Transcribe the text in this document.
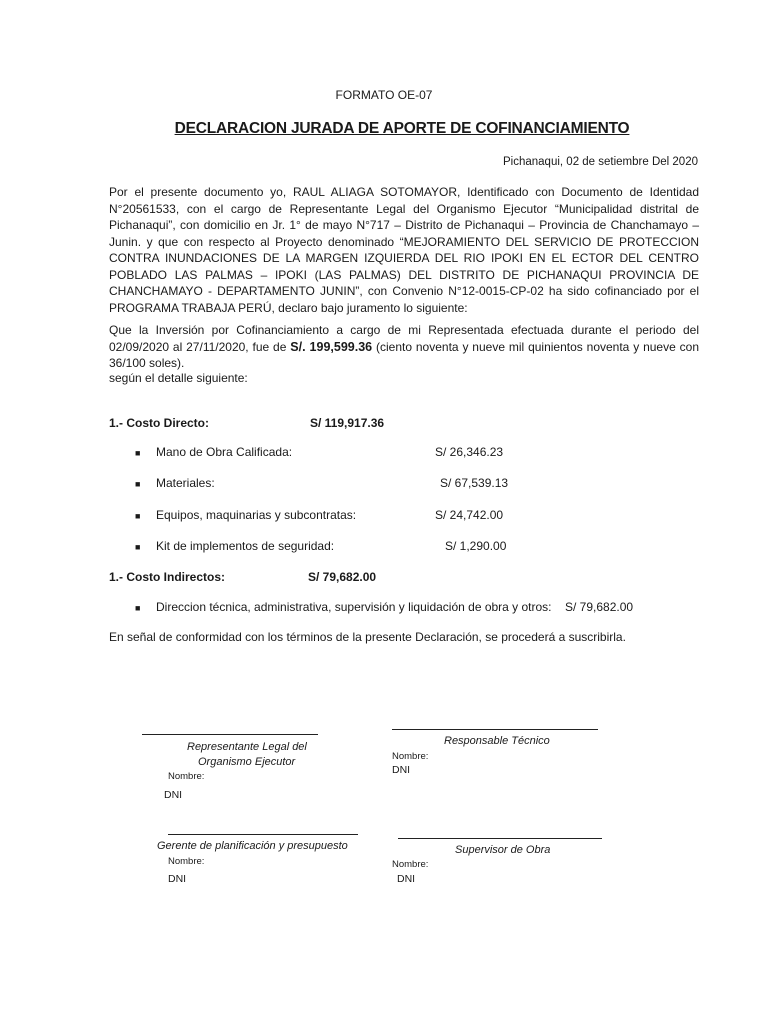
FORMATO OE-07
DECLARACION JURADA DE APORTE DE COFINANCIAMIENTO
Pichanaqui, 02 de setiembre Del 2020

Por el presente documento yo, RAUL ALIAGA SOTOMAYOR, Identificado con Documento de Identidad N°20561533, con el cargo de Representante Legal del Organismo Ejecutor “Municipalidad distrital de Pichanaqui”, con domicilio en Jr. 1° de mayo N°717 – Distrito de Pichanaqui – Provincia de Chanchamayo – Junin. y que con respecto al Proyecto denominado “MEJORAMIENTO DEL SERVICIO DE PROTECCION CONTRA INUNDACIONES DE LA MARGEN IZQUIERDA DEL RIO IPOKI EN EL ECTOR DEL CENTRO POBLADO LAS PALMAS – IPOKI (LAS PALMAS) DEL DISTRITO DE PICHANAQUI PROVINCIA DE CHANCHAMAYO - DEPARTAMENTO JUNIN”, con Convenio N°12-0015-CP-02 ha sido cofinanciado por el PROGRAMA TRABAJA PERÚ, declaro bajo juramento lo siguiente:

Que la Inversión por Cofinanciamiento a cargo de mi Representada efectuada durante el periodo del 02/09/2020 al 27/11/2020, fue de S/. 199,599.36 (ciento noventa y nueve mil quinientos noventa y nueve con 36/100 soles).

según el detalle siguiente:
1.- Costo Directo:	S/ 119,917.36
■ Mano de Obra Calificada:	S/ 26,346.23
■ Materiales:	S/ 67,539.13
■ Equipos, maquinarias y subcontratas:	S/ 24,742.00
■ Kit de implementos de seguridad:	S/ 1,290.00
1.- Costo Indirectos:	S/ 79,682.00
■ Direccion técnica, administrativa, supervisión y liquidación de obra y otros: S/ 79,682.00
En señal de conformidad con los términos de la presente Declaración, se procederá a suscribirla.
Representante Legal del
Organismo Ejecutor
Nombre:
DNI
Responsable Técnico
Nombre:
DNI
Gerente de planificación y presupuesto
Nombre:
DNI
Supervisor de Obra
Nombre:
DNI
